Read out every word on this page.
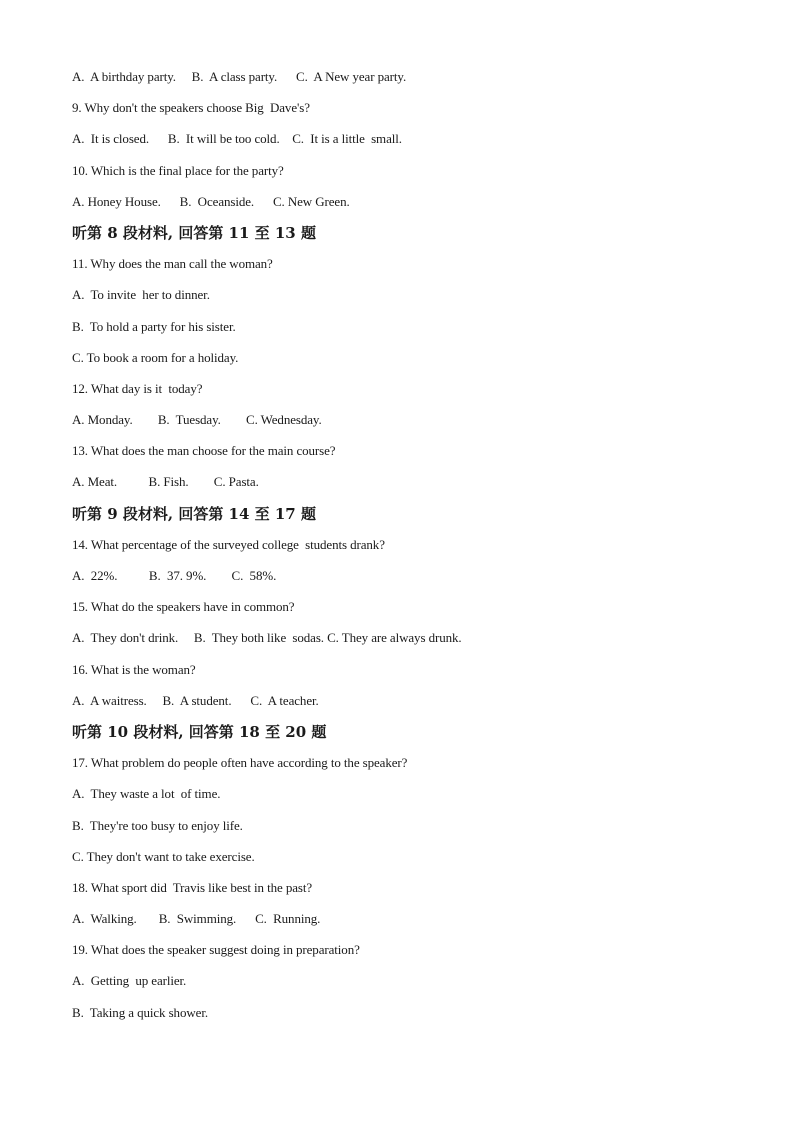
A.  A birthday party.     B.  A class party.      C.  A New year party.
9. Why don't the speakers choose Big  Dave's?
A.  It is closed.      B.  It will be too cold.    C.  It is a little  small.
10. Which is the final place for the party?
A. Honey House.      B.  Oceanside.      C. New Green.
听第 8 段材料, 回答第 11 至 13 题
11. Why does the man call the woman?
A.  To invite  her to dinner.
B.  To hold a party for his sister.
C. To book a room for a holiday.
12. What day is it  today?
A. Monday.        B.  Tuesday.        C. Wednesday.
13. What does the man choose for the main course?
A. Meat.          B. Fish.        C. Pasta.
听第 9 段材料, 回答第 14 至 17 题
14. What percentage of the surveyed college  students drank?
A.  22%.          B.  37. 9%.        C.  58%.
15. What do the speakers have in common?
A.  They don't drink.     B.  They both like  sodas. C. They are always drunk.
16. What is the woman?
A.  A waitress.     B.  A student.      C.  A teacher.
听第 10 段材料, 回答第 18 至 20 题
17. What problem do people often have according to the speaker?
A.  They waste a lot  of time.
B.  They're too busy to enjoy life.
C. They don't want to take exercise.
18. What sport did  Travis like best in the past?
A.  Walking.       B.  Swimming.      C.  Running.
19. What does the speaker suggest doing in preparation?
A.  Getting  up earlier.
B.  Taking a quick shower.
